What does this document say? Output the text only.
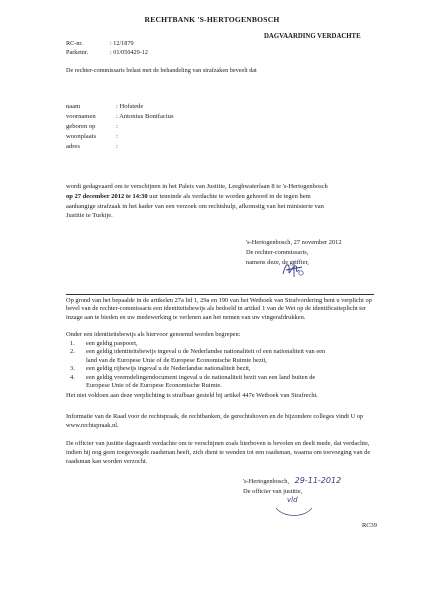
RECHTBANK 'S-HERTOGENBOSCH
DAGVAARDING VERDACHTE
RC-nr.	: 12/1879
Parketnr.	: 01/050429-12
De rechter-commissaris belast met de behandeling van strafzaken beveelt dat
naam	: Hofstede
voornamen	: Antonius Bonifacius
geboren op	:
woonplaats	:
adres	:
wordt gedagvaard om te verschijnen in het Paleis van Justitie, Leeghwaterlaan 8 te 's-Hertogenbosch
op 27 december 2012 te 14:30 uur teneinde als verdachte te worden gehoord in de tegen hem
aanhangige strafzaak in het kader van een verzoek om rechtshulp, afkomstig van het ministerie van
Justitie te Turkije.
's-Hertogenbosch, 27 november 2012
De rechter-commissaris,
namens deze, de griffier,
Op grond van het bepaalde in de artikelen 27a lid 1, 29a en 190 van het Wetboek van Strafvordering bent u verplicht op bevel van de rechter-commissaris een identiteitsbewijs als bedoeld in artikel 1 van de Wet op de identificatieplicht ter inzage aan te bieden en uw medewerking te verlenen aan het nemen van uw vingerafdrukken.
Onder een identiteitsbewijs als hiervoor genoemd worden begrepen:
1. een geldig paspoort,
2. een geldig identiteitsbewijs ingeval u de Nederlandse nationaliteit of een nationaliteit van een
land van de Europese Unie of de Europese Economische Ruimte bezit,
3. een geldig rijbewijs ingeval u de Nederlandse nationaliteit bezit,
4. een geldig vreemdelingendocument ingeval u de nationaliteit bezit van een land buiten de
Europese Unie of de Europese Economische Ruimte.
Het niet voldoen aan deze verplichting is strafbaar gesteld bij artikel 447e Wetboek van Strafrecht.
Informatie van de Raad voor de rechtspraak, de rechtbanken, de gerechtshoven en de bijzondere colleges vindt U op www.rechtspraak.nl.
De officier van justitie dagvaardt verdachte om te verschijnen zoals hierboven is bevolen en deelt mede, dat verdachte, indien hij nog geen toegevoegde raadsman heeft, zich dient te wenden tot een raadsman, waarna om toevoeging van de raadsman kan worden verzocht.
's-Hertogenbosch, 29-11-2012
De officier van justitie,
vld
RC39
